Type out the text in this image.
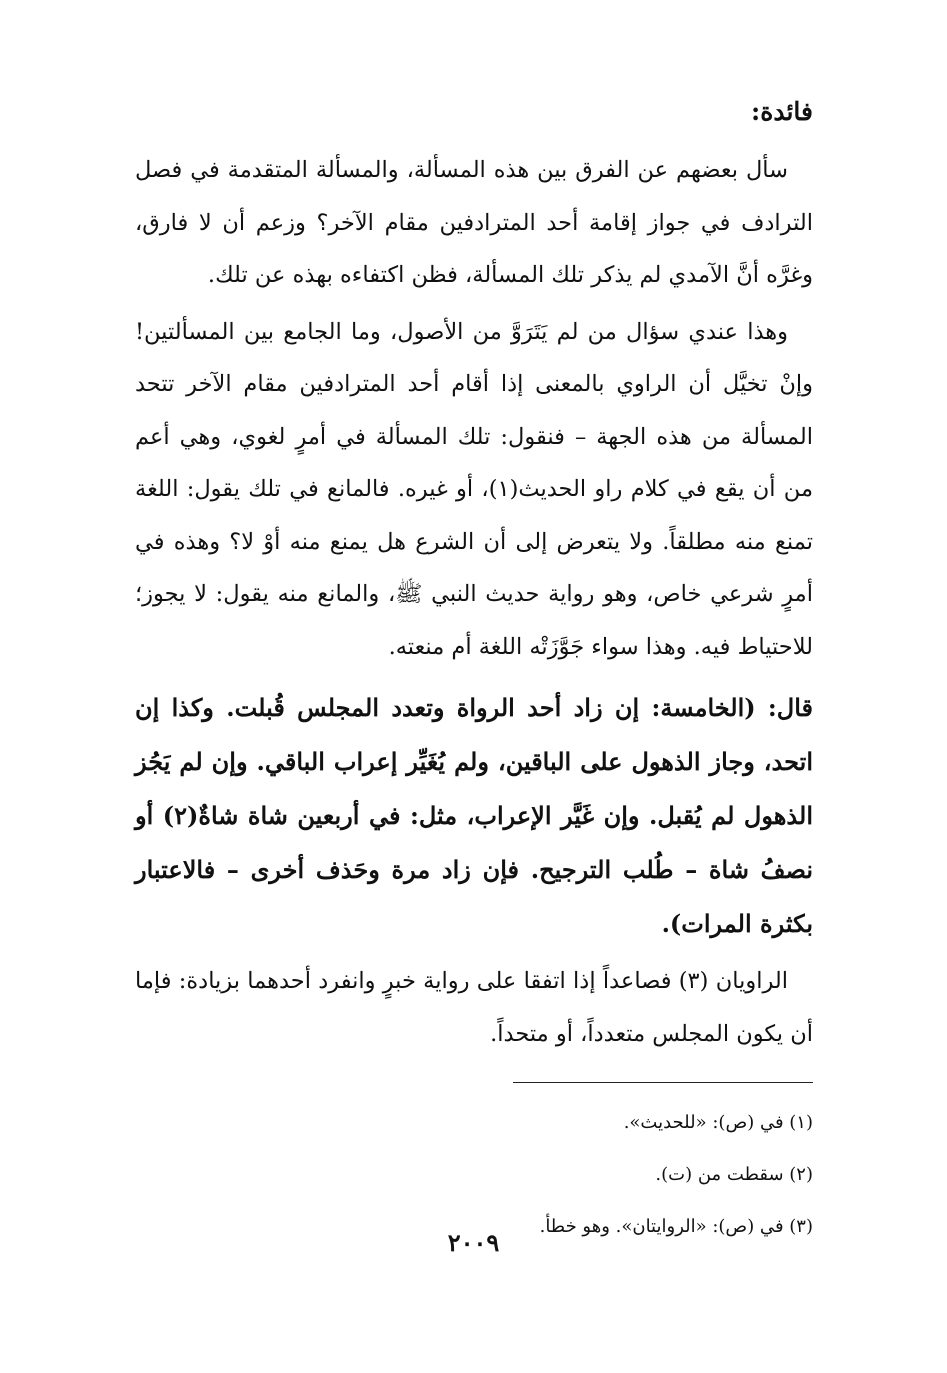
فائدة:

سأل بعضهم عن الفرق بين هذه المسألة، والمسألة المتقدمة في فصل الترادف في جواز إقامة أحد المترادفين مقام الآخر؟ وزعم أن لا فارق، وغرَّه أنَّ الآمدي لم يذكر تلك المسألة، فظن اكتفاءه بهذه عن تلك.

وهذا عندي سؤال من لم يَتَرَوَّ من الأصول، وما الجامع بين المسألتين! وإنْ تخيَّل أن الراوي بالمعنى إذا أقام أحد المترادفين مقام الآخر تتحد المسألة من هذه الجهة – فنقول: تلك المسألة في أمرٍ لغوي، وهي أعم من أن يقع في كلام راو الحديث(١)، أو غيره. فالمانع في تلك يقول: اللغة تمنع منه مطلقاً. ولا يتعرض إلى أن الشرع هل يمنع منه أوْ لا؟ وهذه في أمرٍ شرعي خاص، وهو رواية حديث النبي ﷺ، والمانع منه يقول: لا يجوز؛ للاحتياط فيه. وهذا سواء جَوَّزَتْه اللغة أم منعته.

قال: (الخامسة: إن زاد أحد الرواة وتعدد المجلس قُبلت. وكذا إن اتحد، وجاز الذهول على الباقين، ولم يُغَيِّر إعراب الباقي. وإن لم يَجُز الذهول لم يُقبل. وإن غَيَّر الإعراب، مثل: في أربعين شاة شاةٌ(٢) أو نصفُ شاة – طُلب الترجيح. فإن زاد مرة وحَذف أخرى – فالاعتبار بكثرة المرات).

الراويان (٣) فصاعداً إذا اتفقا على رواية خبرٍ وانفرد أحدهما بزيادة: فإما أن يكون المجلس متعدداً، أو متحداً.

(١) في (ص): «للحديث».
(٢) سقطت من (ت).
(٣) في (ص): «الروايتان». وهو خطأ.
٢٠٠٩
